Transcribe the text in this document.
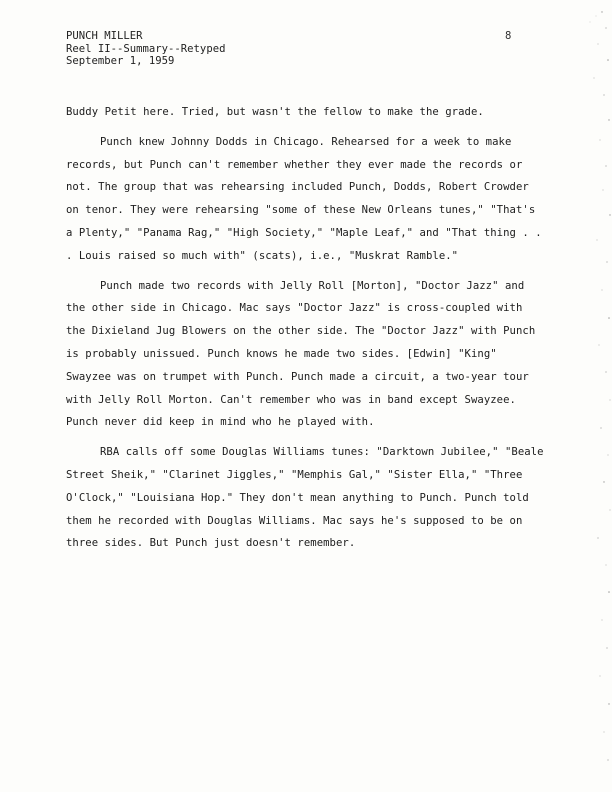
PUNCH MILLER
Reel II--Summary--Retyped
September 1, 1959
8

Buddy Petit here. Tried, but wasn't the fellow to make the grade.

Punch knew Johnny Dodds in Chicago. Rehearsed for a week to make records, but Punch can't remember whether they ever made the records or not. The group that was rehearsing included Punch, Dodds, Robert Crowder on tenor. They were rehearsing "some of these New Orleans tunes," "That's a Plenty," "Panama Rag," "High Society," "Maple Leaf," and "That thing . . . Louis raised so much with" (scats), i.e., "Muskrat Ramble."

Punch made two records with Jelly Roll [Morton], "Doctor Jazz" and the other side in Chicago. Mac says "Doctor Jazz" is cross-coupled with the Dixieland Jug Blowers on the other side. The "Doctor Jazz" with Punch is probably unissued. Punch knows he made two sides. [Edwin] "King" Swayzee was on trumpet with Punch. Punch made a circuit, a two-year tour with Jelly Roll Morton. Can't remember who was in band except Swayzee. Punch never did keep in mind who he played with.

RBA calls off some Douglas Williams tunes: "Darktown Jubilee," "Beale Street Sheik," "Clarinet Jiggles," "Memphis Gal," "Sister Ella," "Three O'Clock," "Louisiana Hop." They don't mean anything to Punch. Punch told them he recorded with Douglas Williams. Mac says he's supposed to be on three sides. But Punch just doesn't remember.
